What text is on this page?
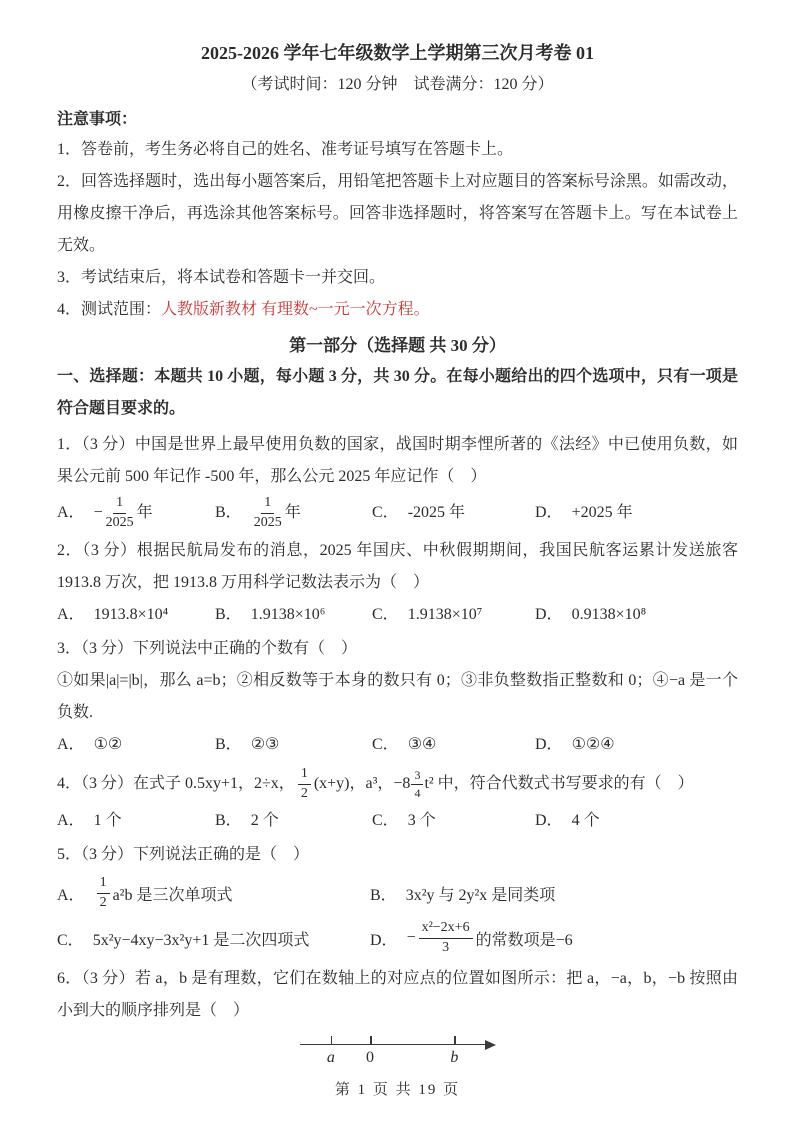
2025-2026 学年七年级数学上学期第三次月考卷 01

（考试时间：120 分钟　试卷满分：120 分）

注意事项：

1．答卷前，考生务必将自己的姓名、准考证号填写在答题卡上。

2．回答选择题时，选出每小题答案后，用铅笔把答题卡上对应题目的答案标号涂黑。如需改动，用橡皮擦干净后，再选涂其他答案标号。回答非选择题时，将答案写在答题卡上。写在本试卷上无效。

3．考试结束后，将本试卷和答题卡一并交回。

4．测试范围：人教版新教材 有理数~一元一次方程。

第一部分（选择题 共 30 分）

一、选择题：本题共 10 小题，每小题 3 分，共 30 分。在每小题给出的四个选项中，只有一项是符合题目要求的。

1．（3 分）中国是世界上最早使用负数的国家，战国时期李悝所著的《法经》中已使用负数，如果公元前 500 年记作 -500 年，那么公元 2025 年应记作（　）

A． − $\frac{1}{2025}$ 年	B． $\frac{1}{2025}$ 年	C． -2025 年	D． +2025 年

2．（3 分）根据民航局发布的消息，2025 年国庆、中秋假期期间，我国民航客运累计发送旅客 1913.8 万次，把 1913.8 万用科学记数法表示为（　）

A． 1913.8×10⁴	B． 1.9138×10⁶	C． 1.9138×10⁷	D． 0.9138×10⁸

3．（3 分）下列说法中正确的个数有（　）

①如果|a|=|b|，那么 a=b；②相反数等于本身的数只有 0；③非负整数指正整数和 0；④−a 是一个负数.

A． ①②	B． ②③	C． ③④	D． ①②④

4．（3 分）在式子 0.5xy+1，2÷x， $\frac{1}{2} (x+y)$，a³，$-8 \frac{3}{4} t^2$ 中，符合代数式书写要求的有（　）

A． 1 个	B． 2 个	C． 3 个	D． 4 个

5．（3 分）下列说法正确的是（　）

A． $\frac{1}{2} a^2b$ 是三次单项式	B． 3x²y 与 2y²x 是同类项
C． 5x²y−4xy−3x²y+1 是二次四项式	D． − $\frac{\text{x²−2x+6}}{3}$ 的常数项是−6

6．（3 分）若 a，b 是有理数，它们在数轴上的对应点的位置如图所示：把 a，−a，b，−b 按照由小到大的顺序排列是（　）

a 0	b

第 1 页 共 19 页
